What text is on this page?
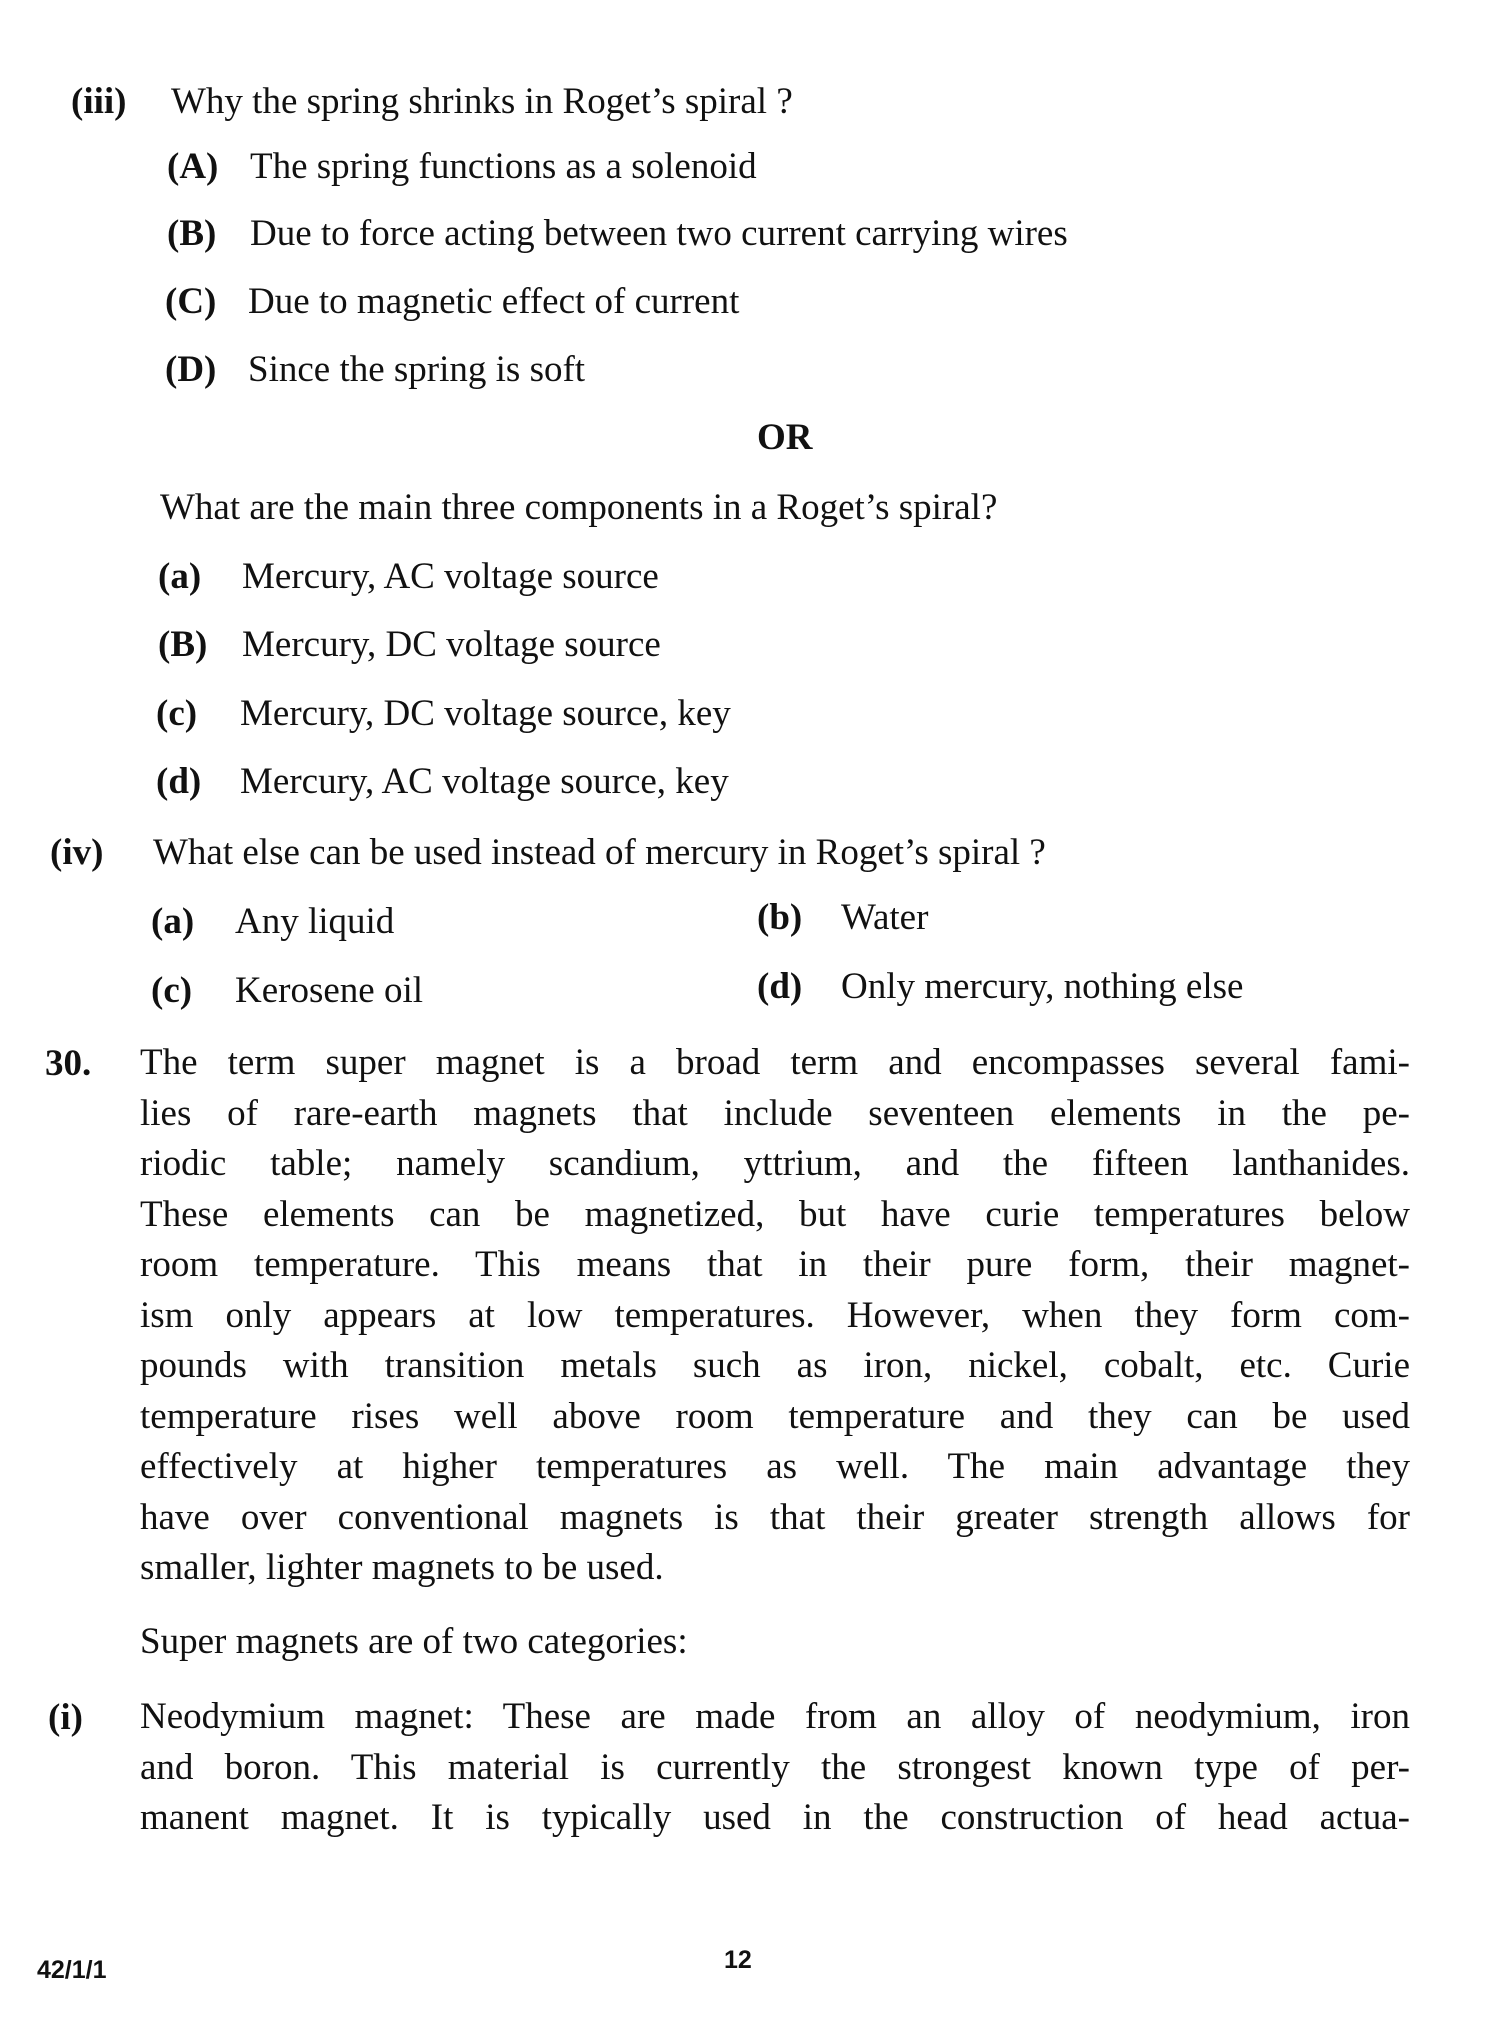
(iii) Why the spring shrinks in Roget’s spiral ?
(A) The spring functions as a solenoid
(B) Due to force acting between two current carrying wires
(C) Due to magnetic effect of current
(D) Since the spring is soft
OR
What are the main three components in a Roget’s spiral?
(a) Mercury, AC voltage source
(B) Mercury, DC voltage source
(c) Mercury, DC voltage source, key
(d) Mercury, AC voltage source, key
(iv) What else can be used instead of mercury in Roget’s spiral ?
(a) Any liquid	(b) Water
(c) Kerosene oil	(d) Only mercury, nothing else
30. The term super magnet is a broad term and encompasses several fami-
lies of rare-earth magnets that include seventeen elements in the pe-
riodic table; namely scandium, yttrium, and the fifteen lanthanides.
These elements can be magnetized, but have curie temperatures below
room temperature. This means that in their pure form, their magnet-
ism only appears at low temperatures. However, when they form com-
pounds with transition metals such as iron, nickel, cobalt, etc. Curie
temperature rises well above room temperature and they can be used
effectively at higher temperatures as well. The main advantage they
have over conventional magnets is that their greater strength allows for
smaller, lighter magnets to be used.
Super magnets are of two categories:
(i) Neodymium magnet: These are made from an alloy of neodymium, iron
and boron. This material is currently the strongest known type of per-
manent magnet. It is typically used in the construction of head actua-
42/1/1	12
